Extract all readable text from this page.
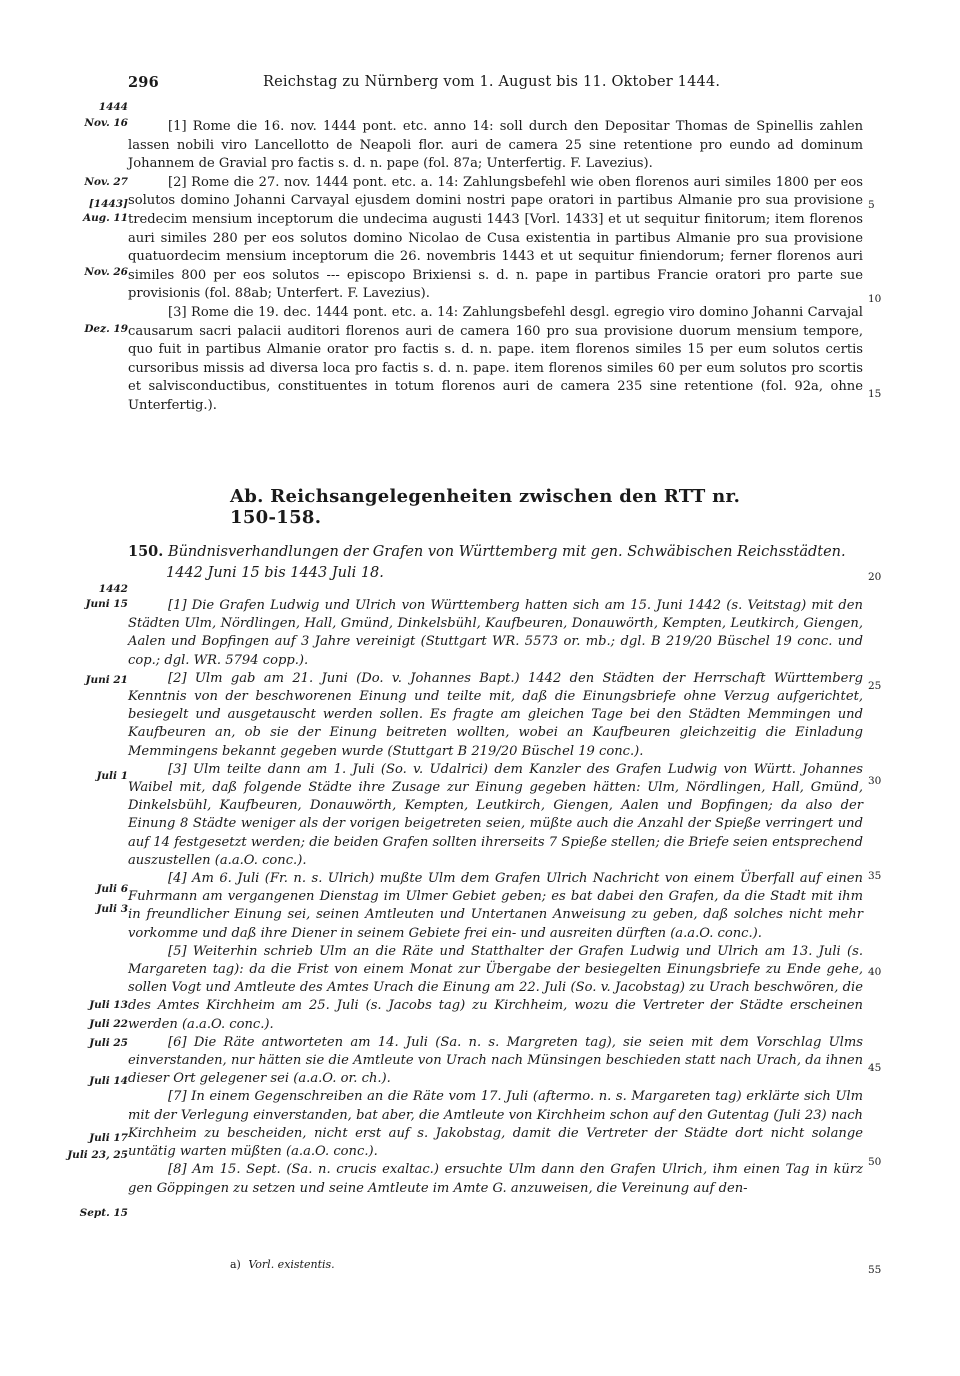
296	Reichstag zu Nürnberg vom 1. August bis 11. Oktober 1444.
1444
Nov. 16
Nov. 27
[1443]
Aug. 11
Nov. 26
Dez. 19
1442
Juni 15
Juni 21
Juli 1
Juli 6
Juli 3
Juli 13
Juli 22
Juli 25
Juli 14
Juli 17
Juli 23, 25
Sept. 15
5
10
15
20
25
30
35
40
45
50
55

[1] Rome die 16. nov. 1444 pont. etc. anno 14: soll durch den Depositar Thomas de Spinellis zahlen lassen nobili viro Lancellotto de Neapoli flor. auri de camera 25 sine retentione pro eundo ad dominum Johannem de Gravial pro factis s. d. n. pape (fol. 87a; Unterfertig. F. Lavezius).

[2] Rome die 27. nov. 1444 pont. etc. a. 14: Zahlungsbefehl wie oben florenos auri similes 1800 per eos solutos domino Johanni Carvayal ejusdem domini nostri pape oratori in partibus Almanie pro sua provisione tredecim mensium inceptorum die undecima augusti 1443 [Vorl. 1433] et ut sequitur finitorum; item florenos auri similes 280 per eos solutos domino Nicolao de Cusa existentia in partibus Almanie pro sua provisione quatuordecim mensium inceptorum die 26. novembris 1443 et ut sequitur finiendorum; ferner florenos auri similes 800 per eos solutos --- episcopo Brixiensi s. d. n. pape in partibus Francie oratori pro parte sue provisionis (fol. 88ab; Unterfert. F. Lavezius).

[3] Rome die 19. dec. 1444 pont. etc. a. 14: Zahlungsbefehl desgl. egregio viro domino Johanni Carvajal causarum sacri palacii auditori florenos auri de camera 160 pro sua provisione duorum mensium tempore, quo fuit in partibus Almanie orator pro factis s. d. n. pape. item florenos similes 15 per eum solutos certis cursoribus missis ad diversa loca pro factis s. d. n. pape. item florenos similes 60 per eum solutos pro scortis et salvisconductibus, constituentes in totum florenos auri de camera 235 sine retentione (fol. 92a, ohne Unterfertig.).

Ab. Reichsangelegenheiten zwischen den RTT nr. 150-158.
150. Bündnisverhandlungen der Grafen von Württemberg mit gen. Schwäbischen Reichsstädten.
1442 Juni 15 bis 1443 Juli 18.

[1] Die Grafen Ludwig und Ulrich von Württemberg hatten sich am 15. Juni 1442 (s. Veitstag) mit den Städten Ulm, Nördlingen, Hall, Gmünd, Dinkelsbühl, Kaufbeuren, Donauwörth, Kempten, Leutkirch, Giengen, Aalen und Bopfingen auf 3 Jahre vereinigt (Stuttgart WR. 5573 or. mb.; dgl. B 219/20 Büschel 19 conc. und cop.; dgl. WR. 5794 copp.).

[2] Ulm gab am 21. Juni (Do. v. Johannes Bapt.) 1442 den Städten der Herrschaft Württemberg Kenntnis von der beschworenen Einung und teilte mit, daß die Einungsbriefe ohne Verzug aufgerichtet, besiegelt und ausgetauscht werden sollen. Es fragte am gleichen Tage bei den Städten Memmingen und Kaufbeuren an, ob sie der Einung beitreten wollten, wobei an Kaufbeuren gleichzeitig die Einladung Memmingens bekannt gegeben wurde (Stuttgart B 219/20 Büschel 19 conc.).

[3] Ulm teilte dann am 1. Juli (So. v. Udalrici) dem Kanzler des Grafen Ludwig von Württ. Johannes Waibel mit, daß folgende Städte ihre Zusage zur Einung gegeben hätten: Ulm, Nördlingen, Hall, Gmünd, Dinkelsbühl, Kaufbeuren, Donauwörth, Kempten, Leutkirch, Giengen, Aalen und Bopfingen; da also der Einung 8 Städte weniger als der vorigen beigetreten seien, müßte auch die Anzahl der Spieße verringert und auf 14 festgesetzt werden; die beiden Grafen sollten ihrerseits 7 Spieße stellen; die Briefe seien entsprechend auszustellen (a.a.O. conc.).

[4] Am 6. Juli (Fr. n. s. Ulrich) mußte Ulm dem Grafen Ulrich Nachricht von einem Überfall auf einen Fuhrmann am vergangenen Dienstag im Ulmer Gebiet geben; es bat dabei den Grafen, da die Stadt mit ihm in freundlicher Einung sei, seinen Amtleuten und Untertanen Anweisung zu geben, daß solches nicht mehr vorkomme und daß ihre Diener in seinem Gebiete frei ein- und ausreiten dürften (a.a.O. conc.).

[5] Weiterhin schrieb Ulm an die Räte und Statthalter der Grafen Ludwig und Ulrich am 13. Juli (s. Margareten tag): da die Frist von einem Monat zur Übergabe der besiegelten Einungsbriefe zu Ende gehe, sollen Vogt und Amtleute des Amtes Urach die Einung am 22. Juli (So. v. Jacobstag) zu Urach beschwören, die des Amtes Kirchheim am 25. Juli (s. Jacobs tag) zu Kirchheim, wozu die Vertreter der Städte erscheinen werden (a.a.O. conc.).

[6] Die Räte antworteten am 14. Juli (Sa. n. s. Margreten tag), sie seien mit dem Vorschlag Ulms einverstanden, nur hätten sie die Amtleute von Urach nach Münsingen beschieden statt nach Urach, da ihnen dieser Ort gelegener sei (a.a.O. or. ch.).

[7] In einem Gegenschreiben an die Räte vom 17. Juli (aftermo. n. s. Margareten tag) erklärte sich Ulm mit der Verlegung einverstanden, bat aber, die Amtleute von Kirchheim schon auf den Gutentag (Juli 23) nach Kirchheim zu bescheiden, nicht erst auf s. Jakobstag, damit die Vertreter der Städte dort nicht solange untätig warten müßten (a.a.O. conc.).

[8] Am 15. Sept. (Sa. n. crucis exaltac.) ersuchte Ulm dann den Grafen Ulrich, ihm einen Tag in kürz gen Göppingen zu setzen und seine Amtleute im Amte G. anzuweisen, die Vereinung auf den-

a) Vorl. existentis.
